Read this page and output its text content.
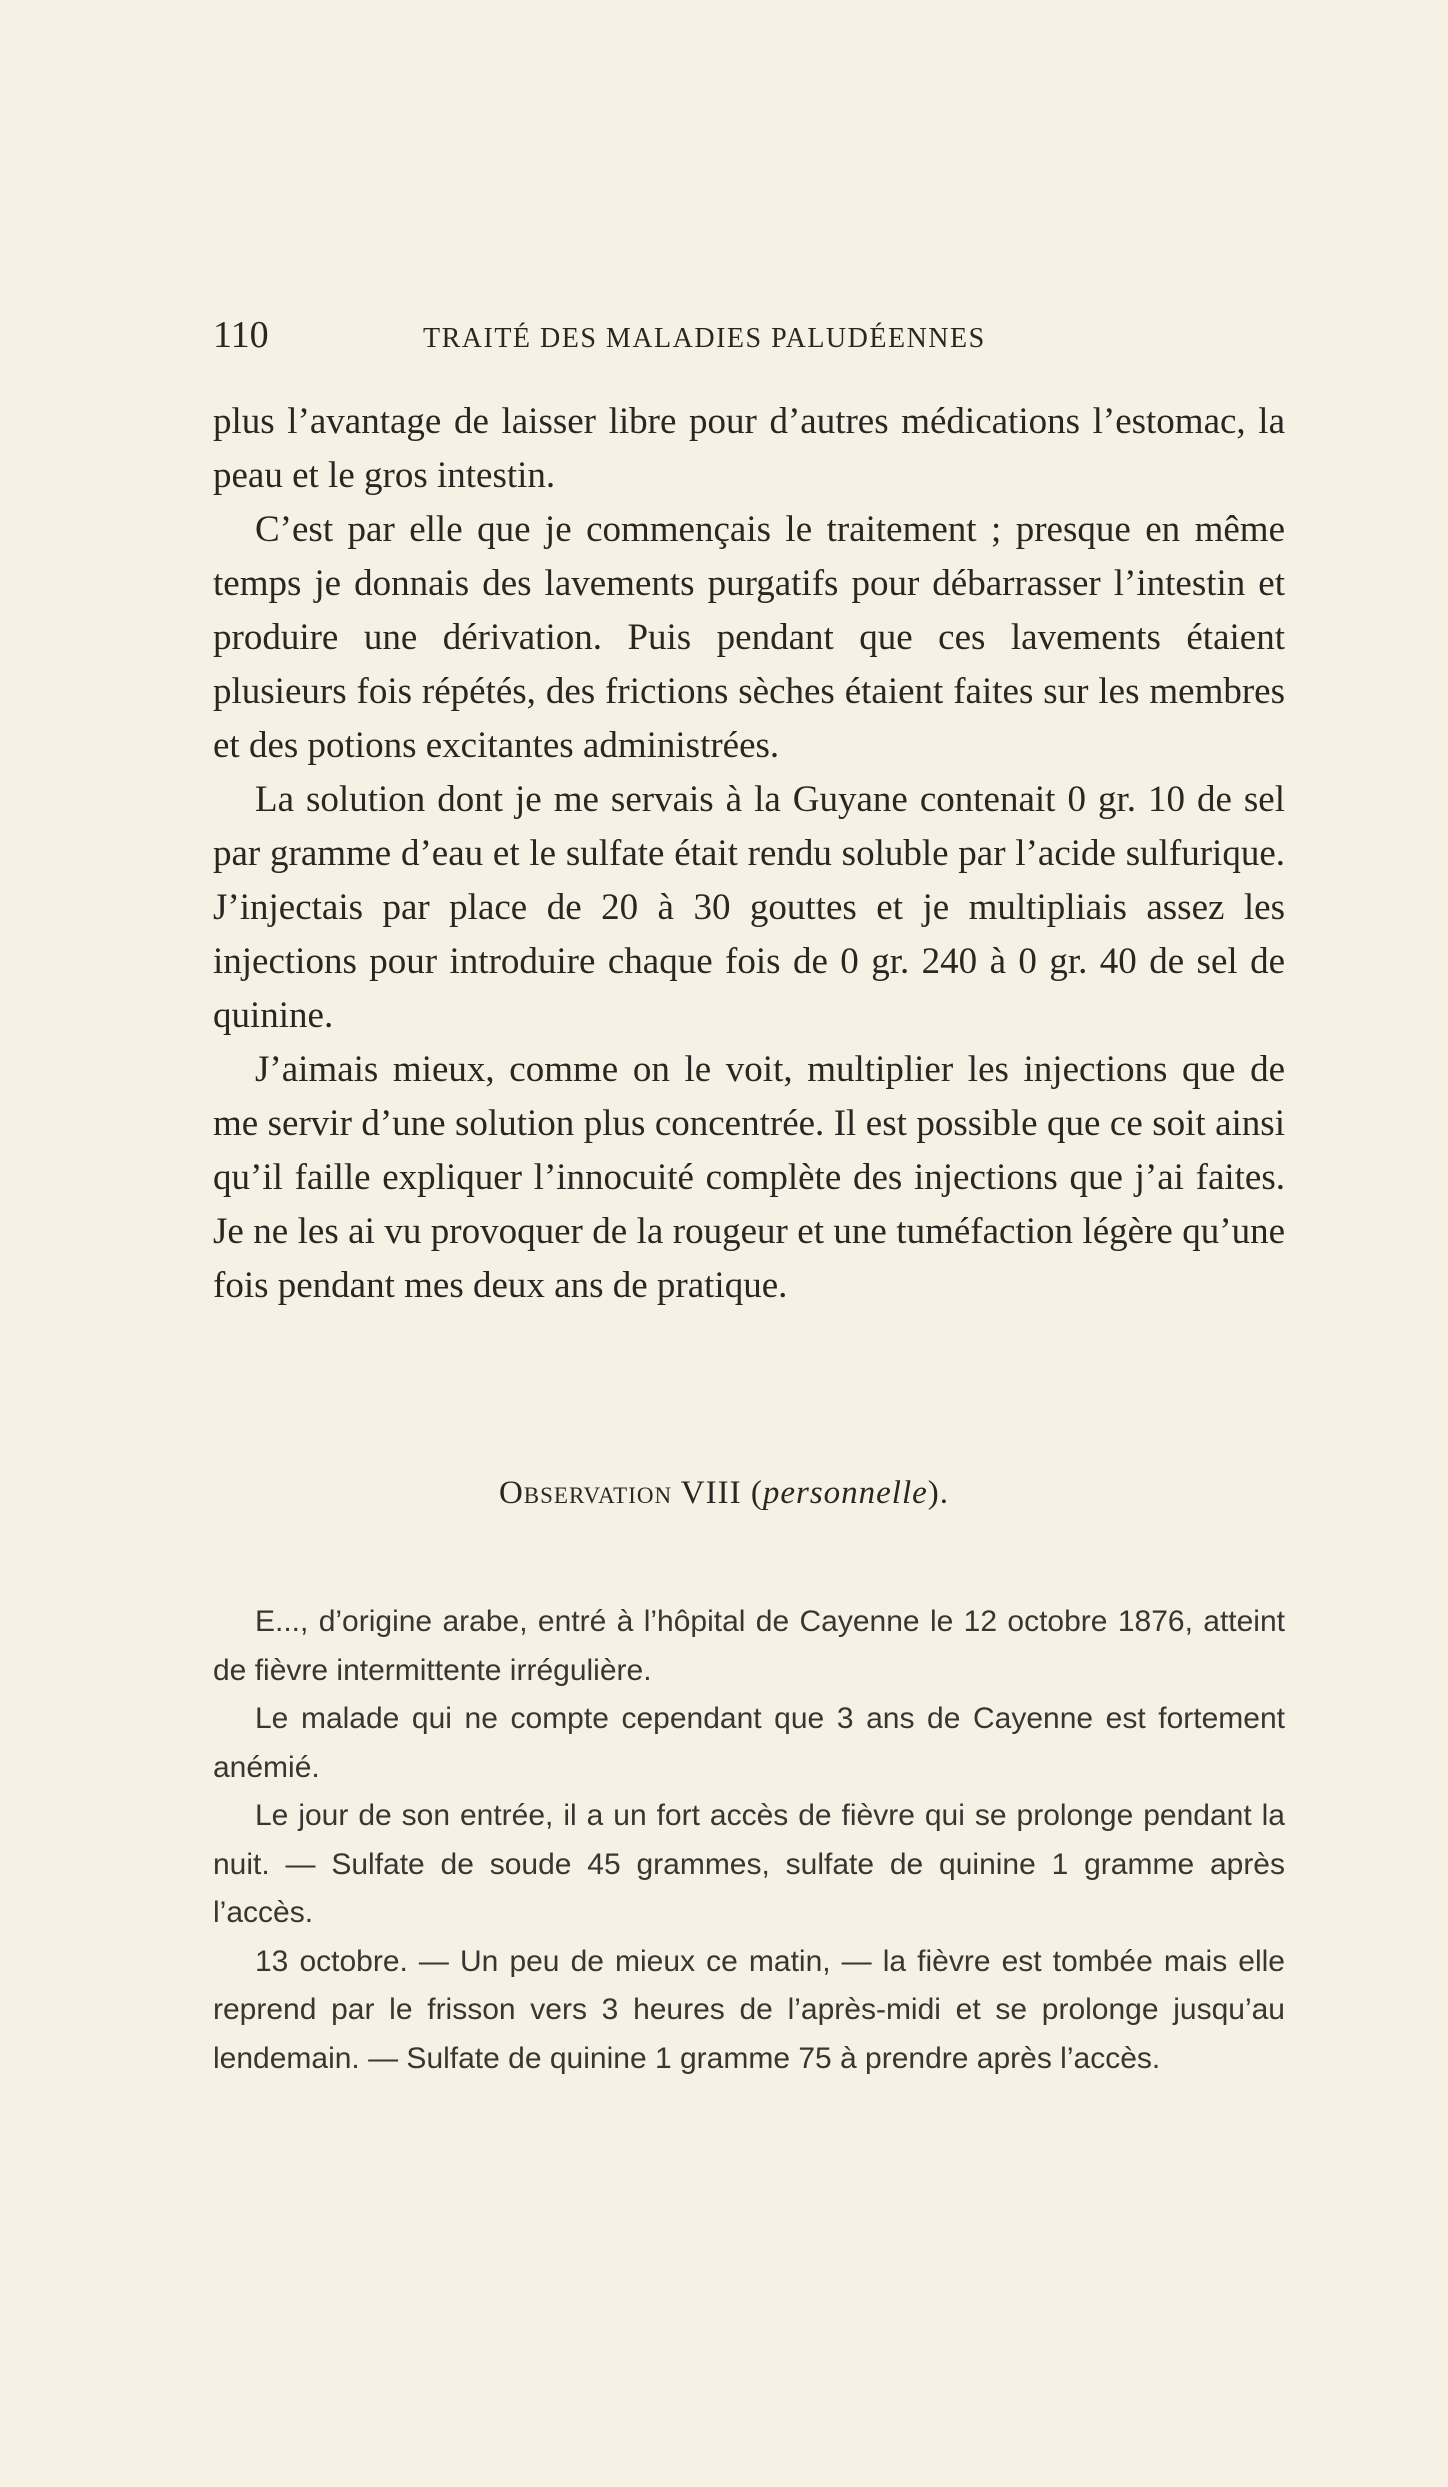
110	TRAITÉ DES MALADIES PALUDÉENNES

plus l’avantage de laisser libre pour d’autres médications l’estomac, la peau et le gros intestin.

C’est par elle que je commençais le traitement ; presque en même temps je donnais des lavements purgatifs pour débarrasser l’intestin et produire une dérivation. Puis pendant que ces lavements étaient plusieurs fois répétés, des frictions sèches étaient faites sur les membres et des potions excitantes administrées.

La solution dont je me servais à la Guyane contenait 0 gr. 10 de sel par gramme d’eau et le sulfate était rendu soluble par l’acide sulfurique. J’injectais par place de 20 à 30 gouttes et je multipliais assez les injections pour introduire chaque fois de 0 gr. 240 à 0 gr. 40 de sel de quinine.

J’aimais mieux, comme on le voit, multiplier les injections que de me servir d’une solution plus concentrée. Il est possible que ce soit ainsi qu’il faille expliquer l’innocuité complète des injections que j’ai faites. Je ne les ai vu provoquer de la rougeur et une tuméfaction légère qu’une fois pendant mes deux ans de pratique.

Observation VIII (personnelle).

E..., d’origine arabe, entré à l’hôpital de Cayenne le 12 octobre 1876, atteint de fièvre intermittente irrégulière.

Le malade qui ne compte cependant que 3 ans de Cayenne est fortement anémié.

Le jour de son entrée, il a un fort accès de fièvre qui se prolonge pendant la nuit. — Sulfate de soude 45 grammes, sulfate de quinine 1 gramme après l’accès.

13 octobre. — Un peu de mieux ce matin, — la fièvre est tombée mais elle reprend par le frisson vers 3 heures de l’après-midi et se prolonge jusqu’au lendemain. — Sulfate de quinine 1 gramme 75 à prendre après l’accès.
